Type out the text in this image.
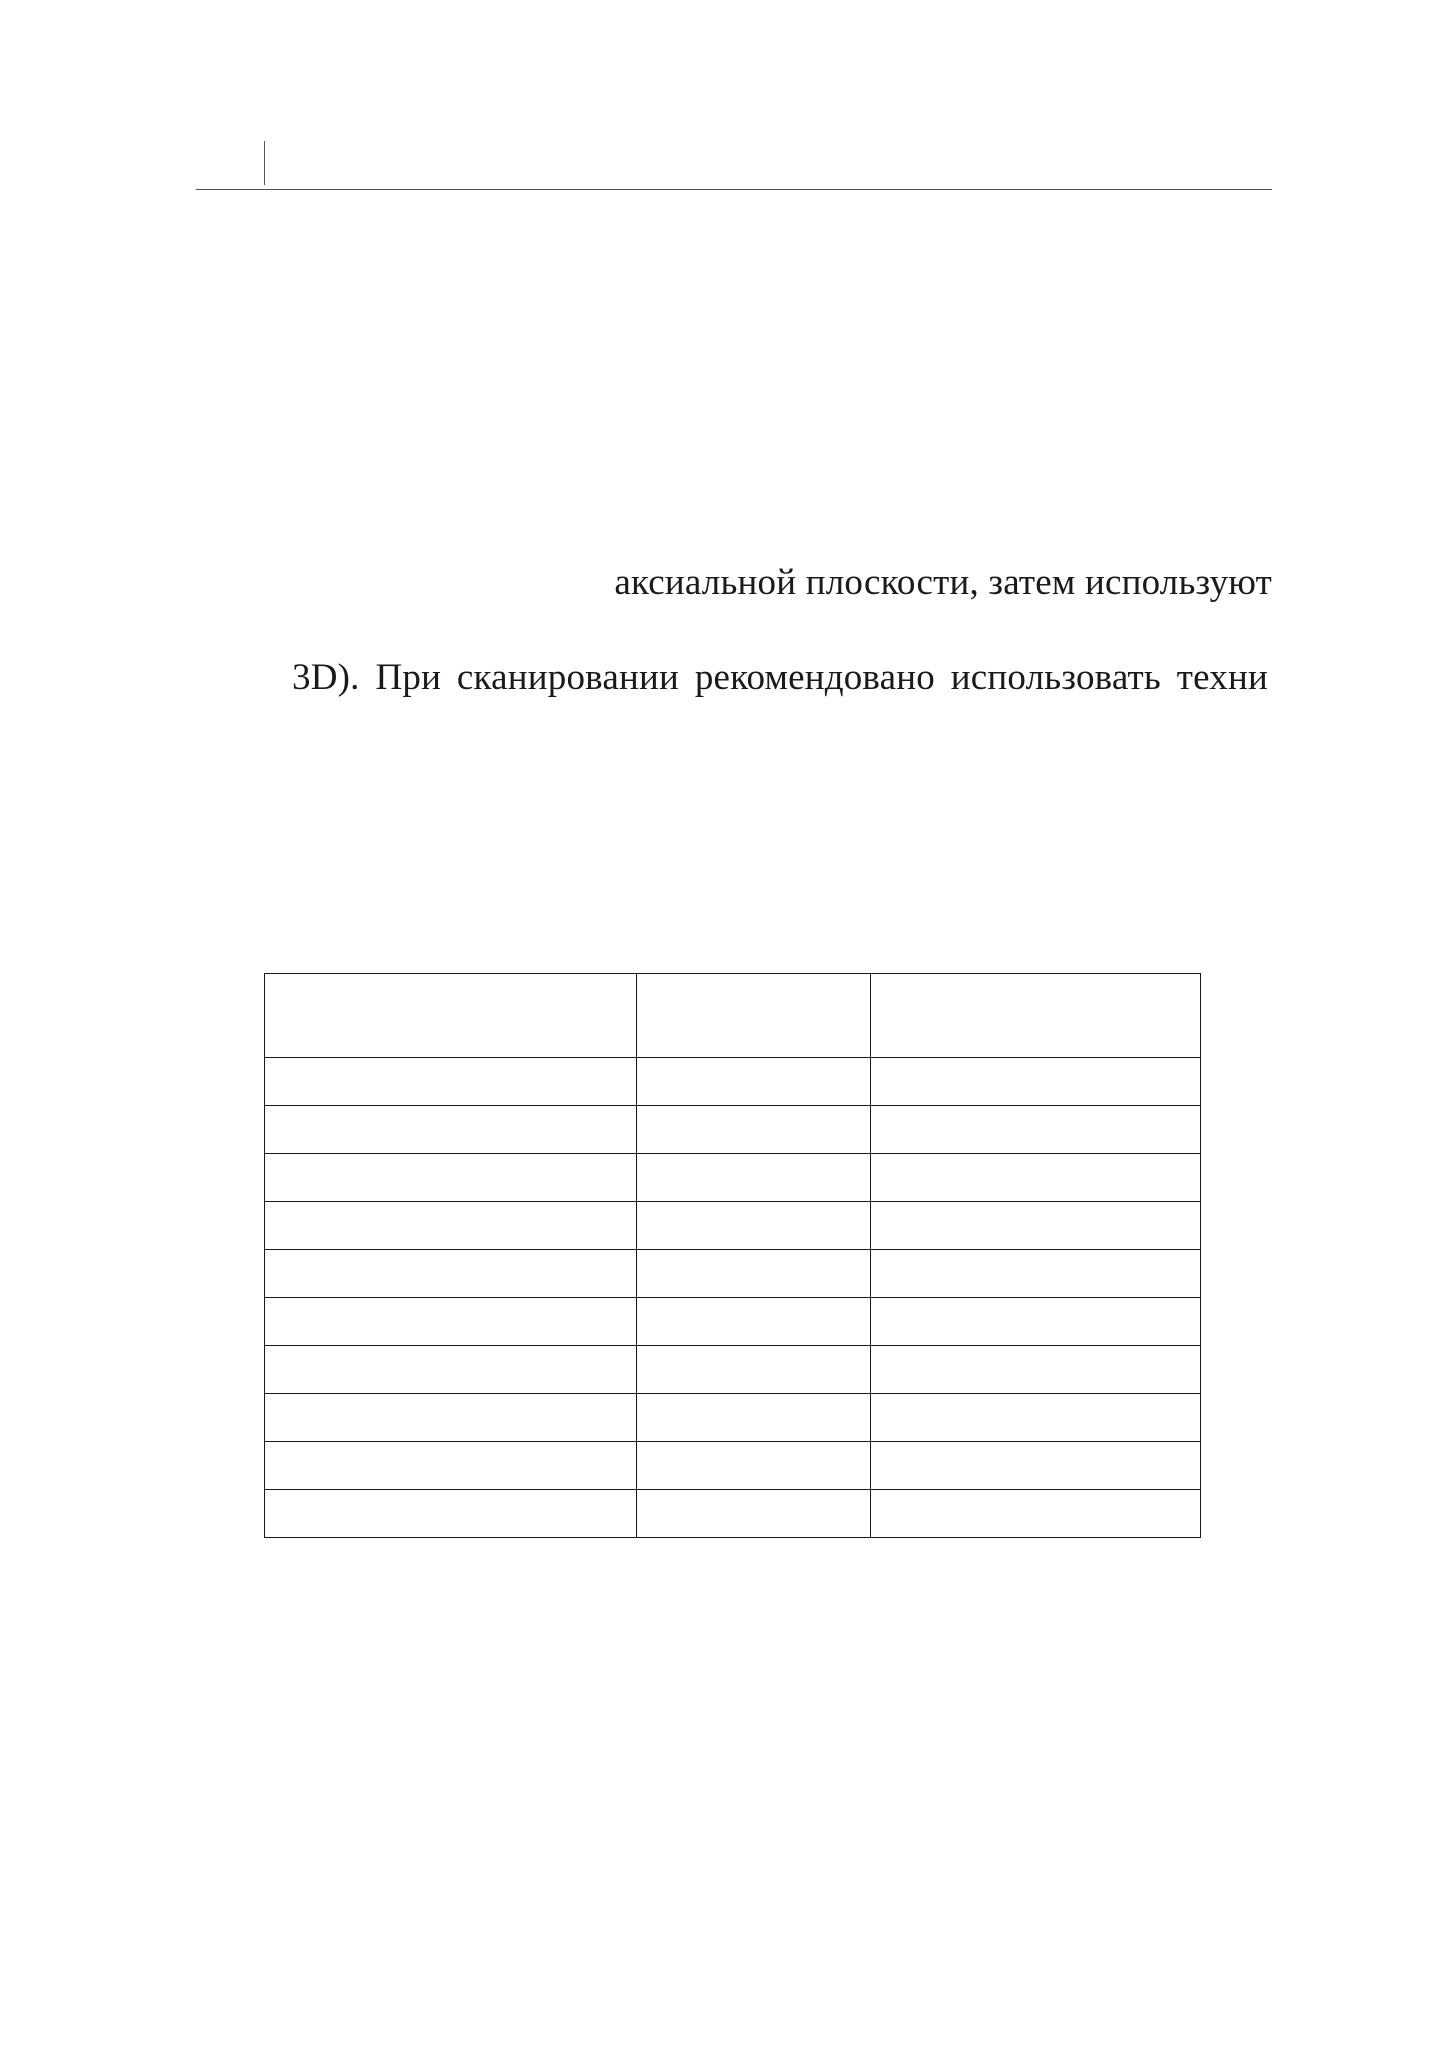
аксиальной плоскости, затем используют
3D). При сканировании рекомендовано использовать техни
